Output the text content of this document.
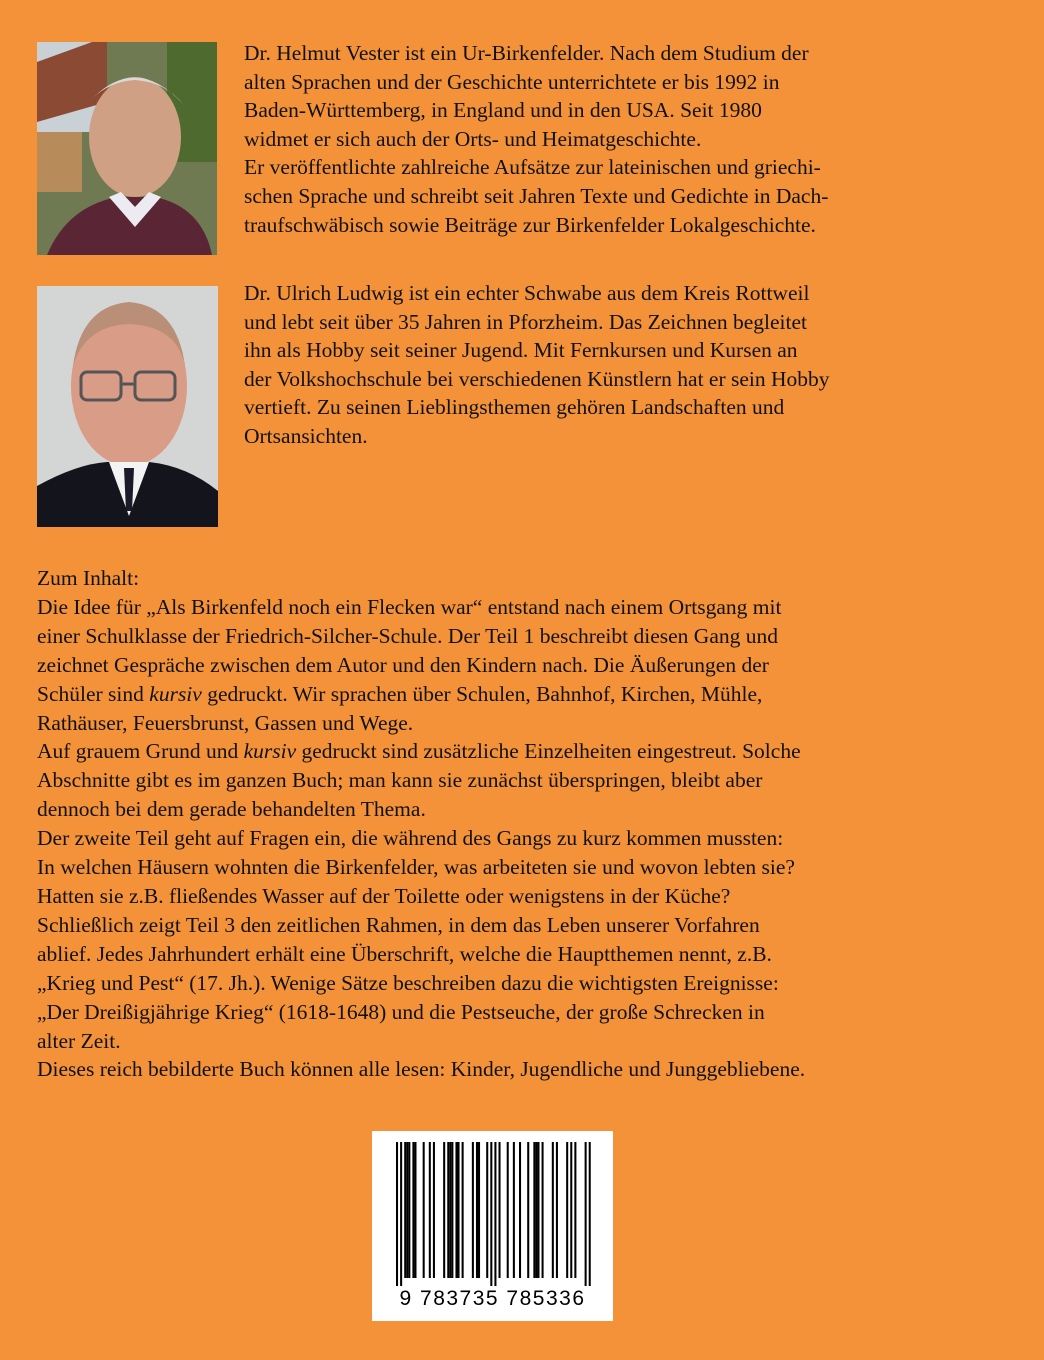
Dr. Helmut Vester ist ein Ur-Birkenfelder. Nach dem Studium der
alten Sprachen und der Geschichte unterrichtete er bis 1992 in
Baden-Württemberg, in England und in den USA. Seit 1980
widmet er sich auch der Orts- und Heimatgeschichte.
Er veröffentlichte zahlreiche Aufsätze zur lateinischen und griechi-
schen Sprache und schreibt seit Jahren Texte und Gedichte in Dach-
traufschwäbisch sowie Beiträge zur Birkenfelder Lokalgeschichte.

Dr. Ulrich Ludwig ist ein echter Schwabe aus dem Kreis Rottweil
und lebt seit über 35 Jahren in Pforzheim. Das Zeichnen begleitet
ihn als Hobby seit seiner Jugend. Mit Fernkursen und Kursen an
der Volkshochschule bei verschiedenen Künstlern hat er sein Hobby
vertieft. Zu seinen Lieblingsthemen gehören Landschaften und
Ortsansichten.

Zum Inhalt:
Die Idee für „Als Birkenfeld noch ein Flecken war“ entstand nach einem Ortsgang mit
einer Schulklasse der Friedrich-Silcher-Schule. Der Teil 1 beschreibt diesen Gang und
zeichnet Gespräche zwischen dem Autor und den Kindern nach. Die Äußerungen der
Schüler sind kursiv gedruckt. Wir sprachen über Schulen, Bahnhof, Kirchen, Mühle,
Rathäuser, Feuersbrunst, Gassen und Wege.
Auf grauem Grund und kursiv gedruckt sind zusätzliche Einzelheiten eingestreut. Solche
Abschnitte gibt es im ganzen Buch; man kann sie zunächst überspringen, bleibt aber
dennoch bei dem gerade behandelten Thema.
Der zweite Teil geht auf Fragen ein, die während des Gangs zu kurz kommen mussten:
In welchen Häusern wohnten die Birkenfelder, was arbeiteten sie und wovon lebten sie?
Hatten sie z.B. fließendes Wasser auf der Toilette oder wenigstens in der Küche?
Schließlich zeigt Teil 3 den zeitlichen Rahmen, in dem das Leben unserer Vorfahren
ablief. Jedes Jahrhundert erhält eine Überschrift, welche die Hauptthemen nennt, z.B.
„Krieg und Pest“ (17. Jh.). Wenige Sätze beschreiben dazu die wichtigsten Ereignisse:
„Der Dreißigjährige Krieg“ (1618-1648) und die Pestseuche, der große Schrecken in
alter Zeit.
Dieses reich bebilderte Buch können alle lesen: Kinder, Jugendliche und Junggebliebene.
9 783735 785336
